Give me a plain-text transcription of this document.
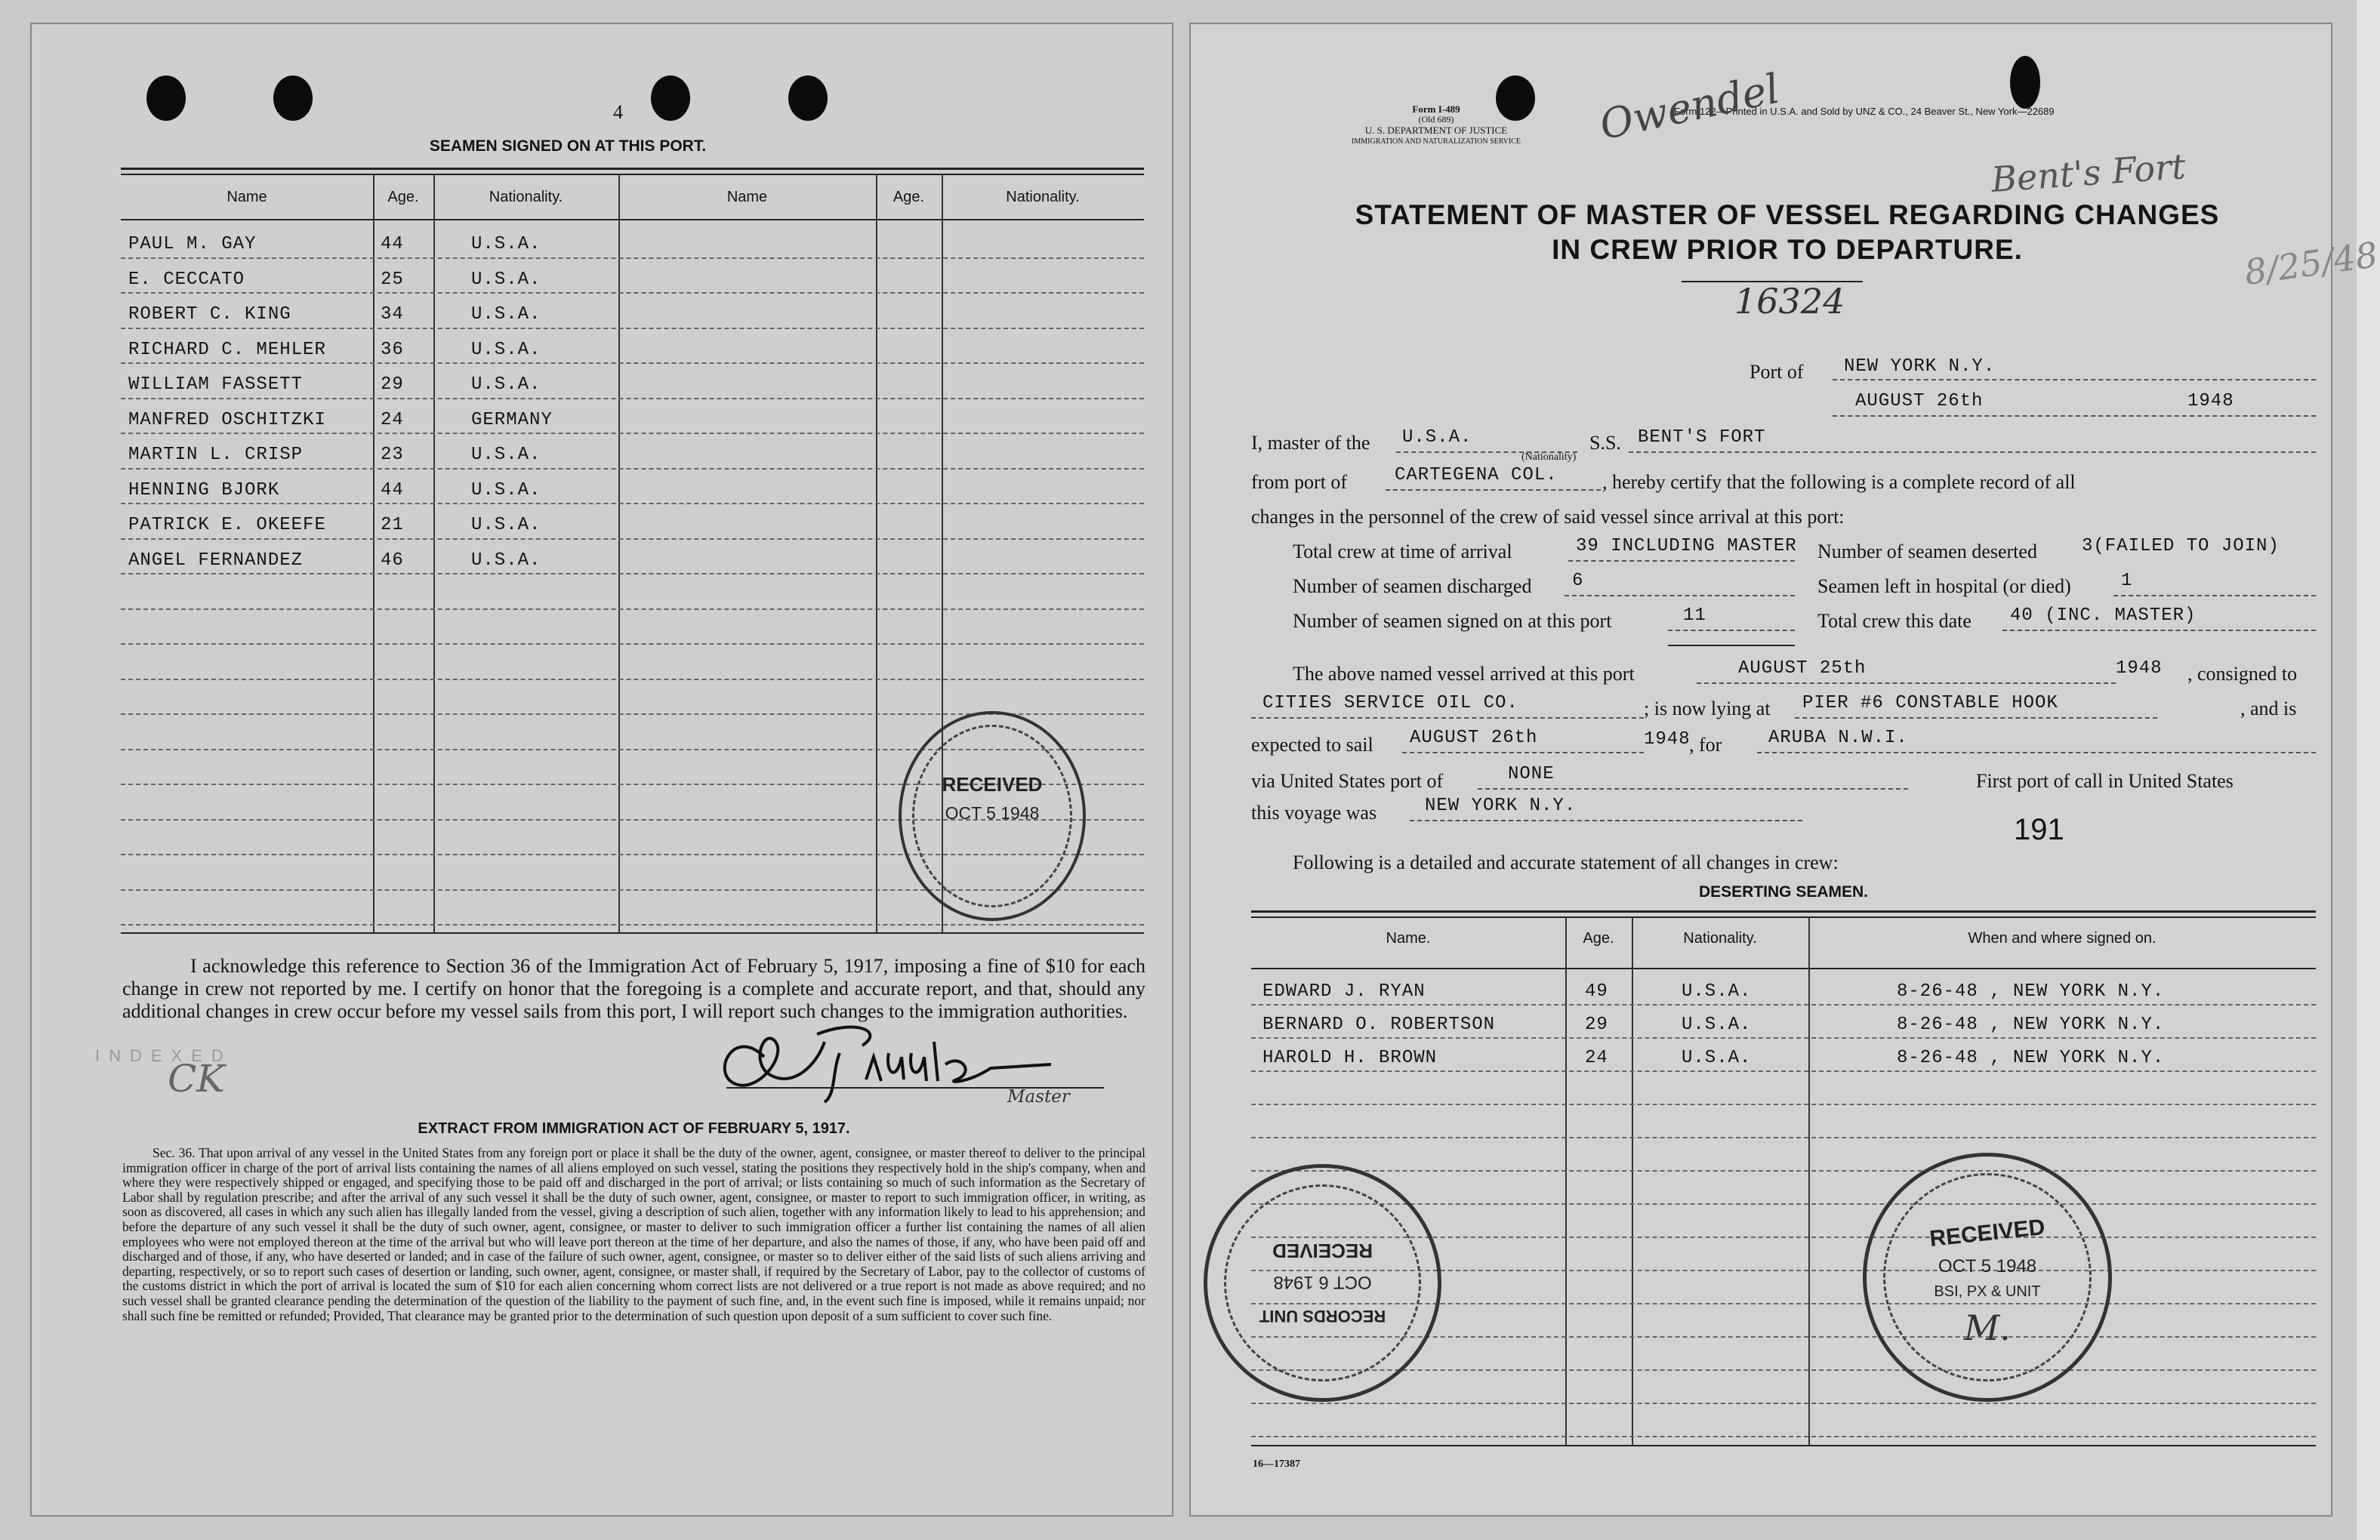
4
SEAMEN SIGNED ON AT THIS PORT.
Name	Age.	Nationality.	Name	Age.	Nationality.
PAUL M. GAY	44	U.S.A.
E. CECCATO	25	U.S.A.
ROBERT C. KING	34	U.S.A.
RICHARD C. MEHLER	36	U.S.A.
WILLIAM FASSETT	29	U.S.A.
MANFRED OSCHITZKI	24	GERMANY
MARTIN L. CRISP	23	U.S.A.
HENNING BJORK	44	U.S.A.
PATRICK E. OKEEFE	21	U.S.A.
ANGEL FERNANDEZ	46	U.S.A.
RECEIVED
OCT 5 1948
I acknowledge this reference to Section 36 of the Immigration Act of February 5, 1917, imposing a fine of $10 for each change in crew not reported by me. I certify on honor that the foregoing is a complete and accurate report, and that, should any additional changes in crew occur before my vessel sails from this port, I will report such changes to the immigration authorities.
Master
INDEXED
CK
EXTRACT FROM IMMIGRATION ACT OF FEBRUARY 5, 1917.
Sec. 36. That upon arrival of any vessel in the United States from any foreign port or place it shall be the duty of the owner, agent, consignee, or master thereof to deliver to the principal immigration officer in charge of the port of arrival lists containing the names of all aliens employed on such vessel, stating the positions they respectively hold in the ship's company, when and where they were respectively shipped or engaged, and specifying those to be paid off and discharged in the port of arrival; or lists containing so much of such information as the Secretary of Labor shall by regulation prescribe; and after the arrival of any such vessel it shall be the duty of such owner, agent, consignee, or master to report to such immigration officer, in writing, as soon as discovered, all cases in which any such alien has illegally landed from the vessel, giving a description of such alien, together with any information likely to lead to his apprehension; and before the departure of any such vessel it shall be the duty of such owner, agent, consignee, or master to deliver to such immigration officer a further list containing the names of all alien employees who were not employed thereon at the time of the arrival but who will leave port thereon at the time of her departure, and also the names of those, if any, who have been paid off and discharged and of those, if any, who have deserted or landed; and in case of the failure of such owner, agent, consignee, or master so to deliver either of the said lists of such aliens arriving and departing, respectively, or so to report such cases of desertion or landing, such owner, agent, consignee, or master shall, if required by the Secretary of Labor, pay to the collector of customs of the customs district in which the port of arrival is located the sum of $10 for each alien concerning whom correct lists are not delivered or a true report is not made as above required; and no such vessel shall be granted clearance pending the determination of the question of the liability to the payment of such fine, and, in the event such fine is imposed, while it remains unpaid; nor shall such fine be remitted or refunded; Provided, That clearance may be granted prior to the determination of such question upon deposit of a sum sufficient to cover such fine.
Form I-489
(Old 689)
U. S. DEPARTMENT OF JUSTICE
IMMIGRATION AND NATURALIZATION SERVICE
Form 122—Printed in U.S.A. and Sold by UNZ & CO., 24 Beaver St., New York—22689
Bent's Fort
Owendel
STATEMENT OF MASTER OF VESSEL REGARDING CHANGES
IN CREW PRIOR TO DEPARTURE.	8/25/48
16324
Port of NEW YORK N.Y.
AUGUST 26th	1948
I, master of the U.S.A.
(Nationality)
S.S. BENT'S FORT
from port of	CARTEGENA COL. , hereby certify that the following is a complete record of all
changes in the personnel of the crew of said vessel since arrival at this port:
Total crew at time of arrival	39 INCLUDING MASTER Number of seamen deserted 3(FAILED TO JOIN)
Number of seamen discharged 6	Seamen left in hospital (or died)	1
Number of seamen signed on at this port	11	Total crew this date 40 (INC. MASTER)
The above named vessel arrived at this port	AUGUST 25th	1948 , consigned to
CITIES SERVICE OIL CO.	; is now lying at PIER #6 CONSTABLE HOOK	, and is
expected to sail AUGUST 26th	1948
, for	ARUBA N.W.I.
via United States port of	NONE	First port of call in United States
this voyage was	NEW YORK N.Y.
191
Following is a detailed and accurate statement of all changes in crew:
DESERTING SEAMEN.
Name.	Age.	Nationality.	When and where signed on.
EDWARD J. RYAN	49	U.S.A.	8-26-48 , NEW YORK N.Y.
BERNARD O. ROBERTSON	29	U.S.A.	8-26-48 , NEW YORK N.Y.
HAROLD H. BROWN	24	U.S.A.	8-26-48 , NEW YORK N.Y.
RECORDS UNIT
OCT 6 1948
RECEIVED	RECEIVED
OCT 5 1948
BSI, PX & UNIT
M.
16—17387
